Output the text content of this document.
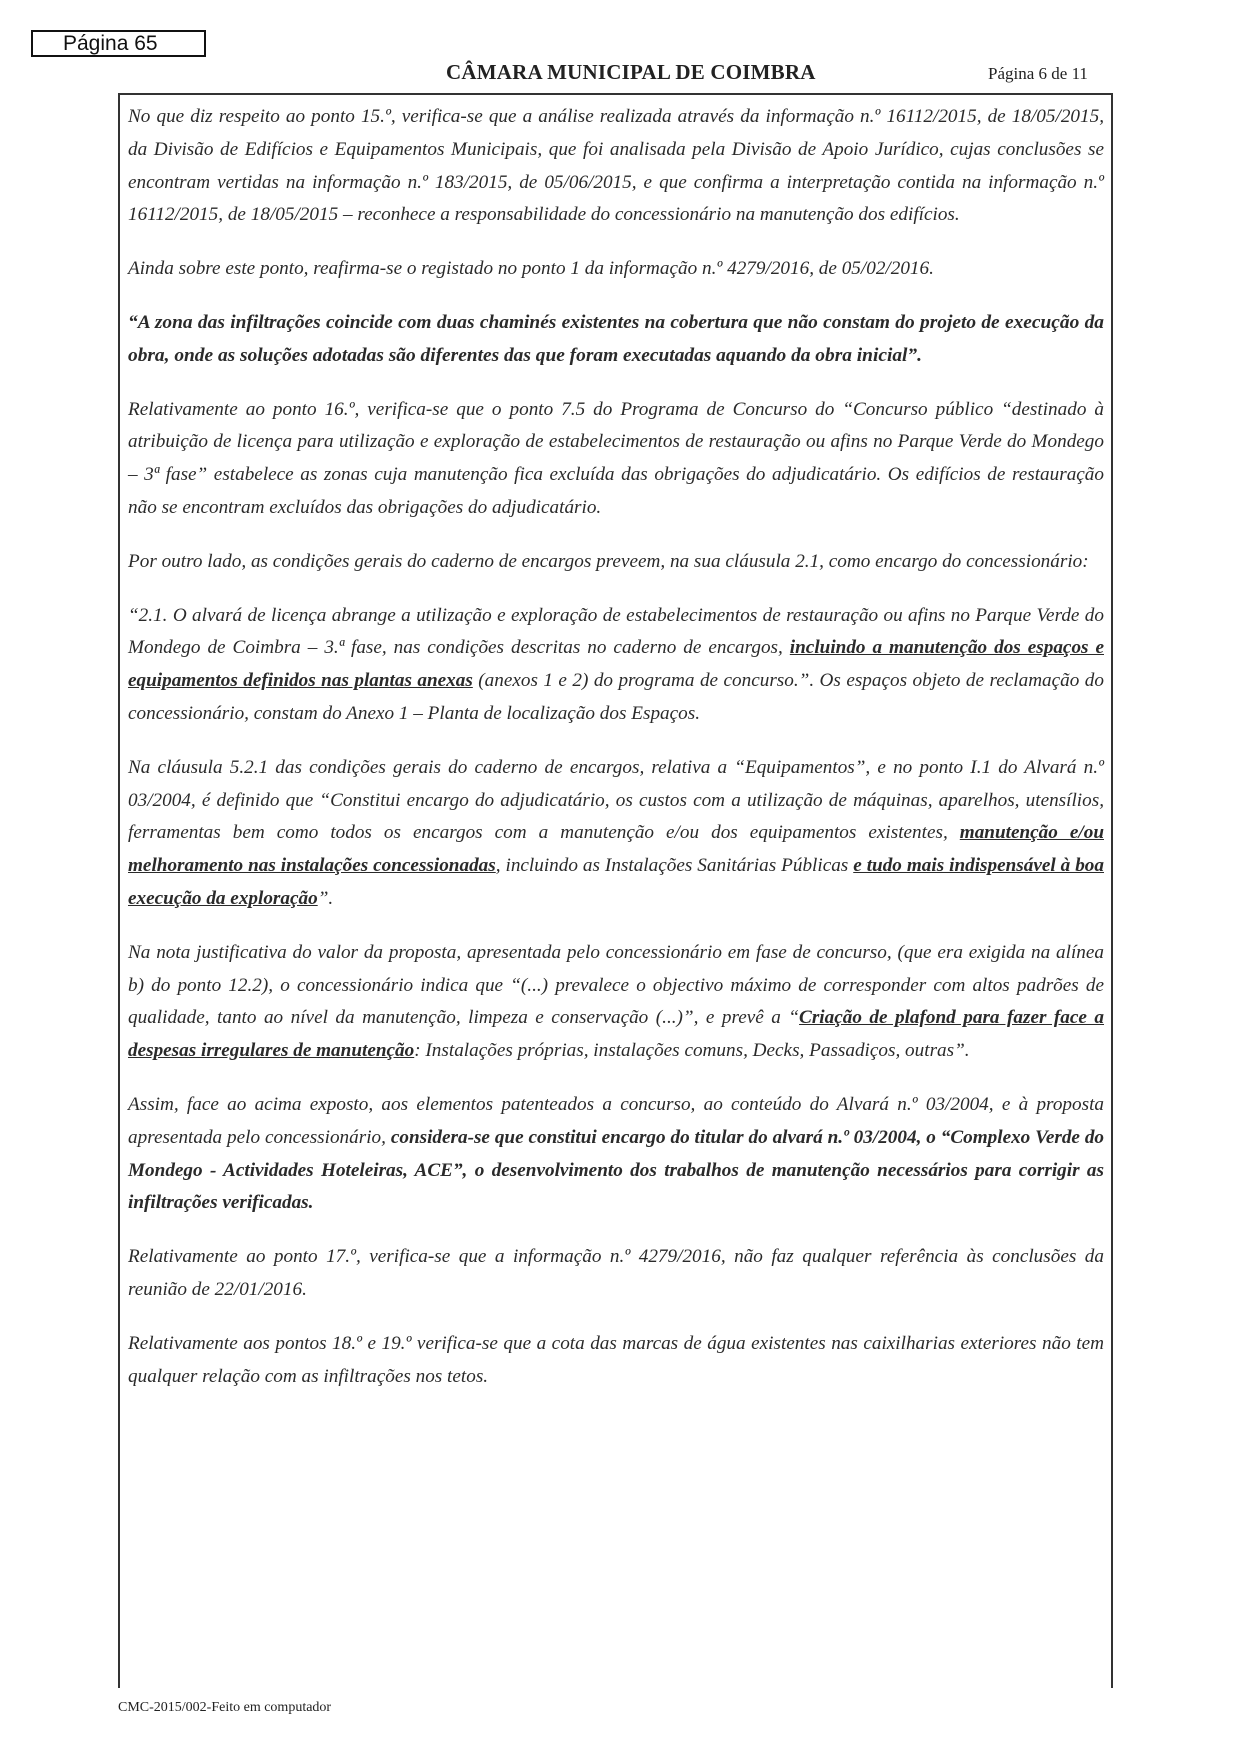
Página 65
CÂMARA MUNICIPAL DE COIMBRA	Página 6 de 11

No que diz respeito ao ponto 15.º, verifica-se que a análise realizada através da informação n.º 16112/2015, de 18/05/2015, da Divisão de Edifícios e Equipamentos Municipais, que foi analisada pela Divisão de Apoio Jurídico, cujas conclusões se encontram vertidas na informação n.º 183/2015, de 05/06/2015, e que confirma a interpretação contida na informação n.º 16112/2015, de 18/05/2015 – reconhece a responsabilidade do concessionário na manutenção dos edifícios.

Ainda sobre este ponto, reafirma-se o registado no ponto 1 da informação n.º 4279/2016, de 05/02/2016.

“A zona das infiltrações coincide com duas chaminés existentes na cobertura que não constam do projeto de execução da obra, onde as soluções adotadas são diferentes das que foram executadas aquando da obra inicial”.

Relativamente ao ponto 16.º, verifica-se que o ponto 7.5 do Programa de Concurso do “Concurso público “destinado à atribuição de licença para utilização e exploração de estabelecimentos de restauração ou afins no Parque Verde do Mondego – 3ª fase” estabelece as zonas cuja manutenção fica excluída das obrigações do adjudicatário. Os edifícios de restauração não se encontram excluídos das obrigações do adjudicatário.

Por outro lado, as condições gerais do caderno de encargos preveem, na sua cláusula 2.1, como encargo do concessionário:

“2.1. O alvará de licença abrange a utilização e exploração de estabelecimentos de restauração ou afins no Parque Verde do Mondego de Coimbra – 3.ª fase, nas condições descritas no caderno de encargos, incluindo a manutenção dos espaços e equipamentos definidos nas plantas anexas (anexos 1 e 2) do programa de concurso.”. Os espaços objeto de reclamação do concessionário, constam do Anexo 1 – Planta de localização dos Espaços.

Na cláusula 5.2.1 das condições gerais do caderno de encargos, relativa a “Equipamentos”, e no ponto I.1 do Alvará n.º 03/2004, é definido que “Constitui encargo do adjudicatário, os custos com a utilização de máquinas, aparelhos, utensílios, ferramentas bem como todos os encargos com a manutenção e/ou dos equipamentos existentes, manutenção e/ou melhoramento nas instalações concessionadas, incluindo as Instalações Sanitárias Públicas e tudo mais indispensável à boa execução da exploração”.

Na nota justificativa do valor da proposta, apresentada pelo concessionário em fase de concurso, (que era exigida na alínea b) do ponto 12.2), o concessionário indica que “(...) prevalece o objectivo máximo de corresponder com altos padrões de qualidade, tanto ao nível da manutenção, limpeza e conservação (...)”, e prevê a “Criação de plafond para fazer face a despesas irregulares de manutenção: Instalações próprias, instalações comuns, Decks, Passadiços, outras”.

Assim, face ao acima exposto, aos elementos patenteados a concurso, ao conteúdo do Alvará n.º 03/2004, e à proposta apresentada pelo concessionário, considera-se que constitui encargo do titular do alvará n.º 03/2004, o “Complexo Verde do Mondego - Actividades Hoteleiras, ACE”, o desenvolvimento dos trabalhos de manutenção necessários para corrigir as infiltrações verificadas.

Relativamente ao ponto 17.º, verifica-se que a informação n.º 4279/2016, não faz qualquer referência às conclusões da reunião de 22/01/2016.

Relativamente aos pontos 18.º e 19.º verifica-se que a cota das marcas de água existentes nas caixilharias exteriores não tem qualquer relação com as infiltrações nos tetos.

CMC-2015/002-Feito em computador
